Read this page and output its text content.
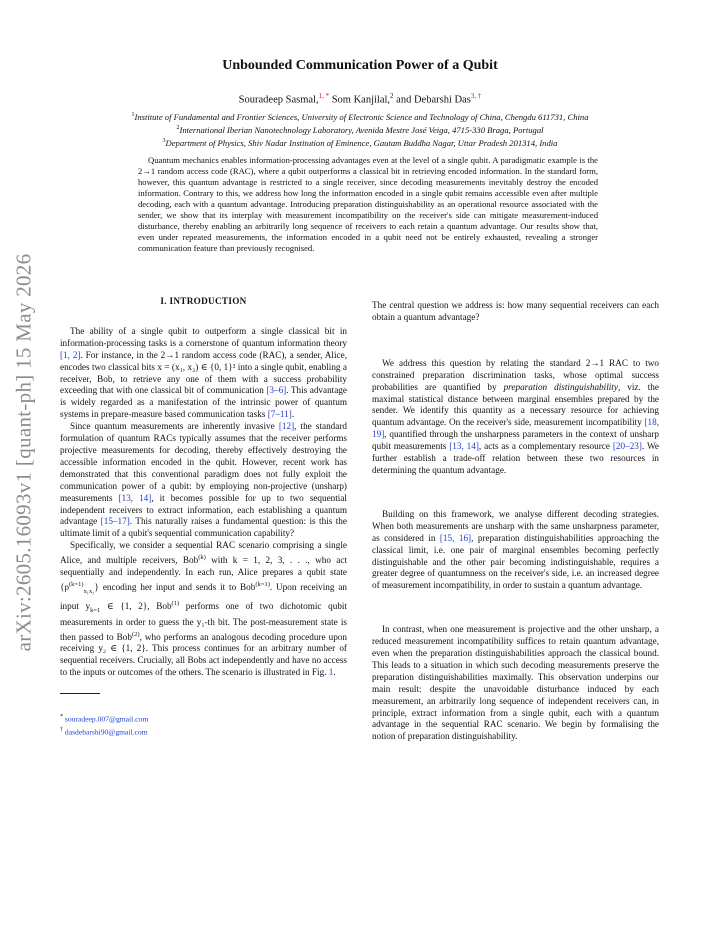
arXiv:2605.16093v1 [quant-ph] 15 May 2026
Unbounded Communication Power of a Qubit
Souradeep Sasmal,$^{1, *}$ Som Kanjilal,$^2$ and Debarshi Das$^{3, \dagger}$
$^1$Institute of Fundamental and Frontier Sciences, University of Electronic Science and Technology of China, Chengdu 611731, China
$^2$International Iberian Nanotechnology Laboratory, Avenida Mestre José Veiga, 4715-330 Braga, Portugal
$^3$Department of Physics, Shiv Nadar Institution of Eminence, Gautam Buddha Nagar, Uttar Pradesh 201314, India
Quantum mechanics enables information-processing advantages even at the level of a single qubit. A paradigmatic example is the 2→1 random access code (RAC), where a qubit outperforms a classical bit in retrieving encoded information. In the standard form, however, this quantum advantage is restricted to a single receiver, since decoding measurements inevitably destroy the encoded information. Contrary to this, we address how long the information encoded in a single qubit remains accessible even after multiple decoding, each with a quantum advantage. Introducing preparation distinguishability as an operational resource associated with the sender, we show that its interplay with measurement incompatibility on the receiver's side can mitigate measurement-induced disturbance, thereby enabling an arbitrarily long sequence of receivers to each retain a quantum advantage. Our results show that, even under repeated measurements, the information encoded in a qubit need not be entirely exhausted, revealing a stronger communication feature than previously recognised.
I. INTRODUCTION

The ability of a single qubit to outperform a single classical bit in information-processing tasks is a cornerstone of quantum information theory [1, 2]. For instance, in the 2→1 random access code (RAC), a sender, Alice, encodes two classical bits x = (x₁, x₂) ∈ {0, 1}² into a single qubit, enabling a receiver, Bob, to retrieve any one of them with a success probability exceeding that with one classical bit of communication [3–6]. This advantage is widely regarded as a manifestation of the intrinsic power of quantum systems in prepare-measure based communication tasks [7–11].

Since quantum measurements are inherently invasive [12], the standard formulation of quantum RACs typically assumes that the receiver performs projective measurements for decoding, thereby effectively destroying the accessible information encoded in the qubit. However, recent work has demonstrated that this conventional paradigm does not fully exploit the communication power of a qubit: by employing non-projective (unsharp) measurements [13, 14], it becomes possible for up to two sequential independent receivers to extract information, each establishing a quantum advantage [15–17]. This naturally raises a fundamental question: is this the ultimate limit of a qubit's sequential communication capability?

Specifically, we consider a sequential RAC scenario comprising a single Alice, and multiple receivers, Bob$^{(k)}$ with k = 1, 2, 3, . . ., who act sequentially and independently. In each run, Alice prepares a qubit state $\{\rho^{(k=1)}_{x_1x_2}\}$ encoding her input and sends it to Bob$^{(k=1)}$. Upon receiving an input $y_{k=1}$ ∈ {1, 2}, Bob$^{(1)}$ performs one of two dichotomic qubit measurements in order to guess the y₁-th bit. The post-measurement state is then passed to Bob$^{(2)}$, who performs an analogous decoding procedure upon receiving y₂ ∈ {1, 2}. This process continues for an arbitrary number of sequential receivers. Crucially, all Bobs act independently and have no access to the inputs or outcomes of the others. The scenario is illustrated in Fig. 1.

* souradeep.007@gmail.com

† dasdebarshi90@gmail.com

The central question we address is: how many sequential receivers can each obtain a quantum advantage?

We address this question by relating the standard 2→1 RAC to two constrained preparation discrimination tasks, whose optimal success probabilities are quantified by preparation distinguishability, viz. the maximal statistical distance between marginal ensembles prepared by the sender. We identify this quantity as a necessary resource for achieving quantum advantage. On the receiver's side, measurement incompatibility [18, 19], quantified through the unsharpness parameters in the context of unsharp qubit measurements [13, 14], acts as a complementary resource [20–23]. We further establish a trade-off relation between these two resources in determining the quantum advantage.

Building on this framework, we analyse different decoding strategies. When both measurements are unsharp with the same unsharpness parameter, as considered in [15, 16], preparation distinguishabilities approaching the classical limit, i.e. one pair of marginal ensembles becoming perfectly distinguishable and the other pair becoming indistinguishable, requires a greater degree of quantumness on the receiver's side, i.e. an increased degree of measurement incompatibility, in order to sustain a quantum advantage.

In contrast, when one measurement is projective and the other unsharp, a reduced measurement incompatibility suffices to retain quantum advantage, even when the preparation distinguishabilities approach the classical bound. This leads to a situation in which such decoding measurements preserve the preparation distinguishabilities maximally. This observation underpins our main result: despite the unavoidable disturbance induced by each measurement, an arbitrarily long sequence of independent receivers can, in principle, extract information from a single qubit, each with a quantum advantage in the sequential RAC scenario. We begin by formalising the notion of preparation distinguishability.
